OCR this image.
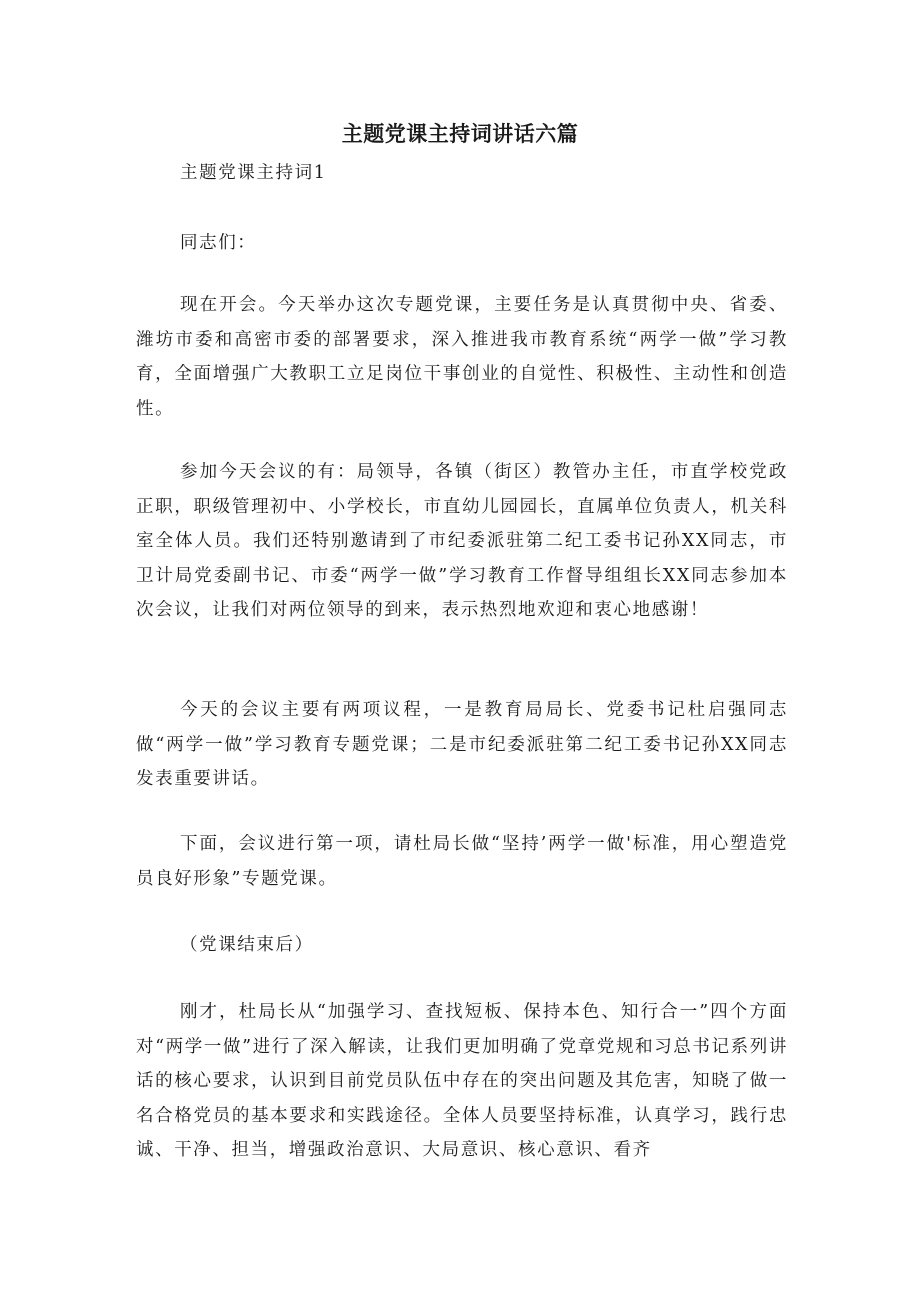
主题党课主持词讲话六篇

主题党课主持词1

同志们：

现在开会。今天举办这次专题党课，主要任务是认真贯彻中央、省委、潍坊市委和高密市委的部署要求，深入推进我市教育系统“两学一做”学习教育，全面增强广大教职工立足岗位干事创业的自觉性、积极性、主动性和创造性。

参加今天会议的有：局领导，各镇（街区）教管办主任，市直学校党政正职，职级管理初中、小学校长，市直幼儿园园长，直属单位负责人，机关科室全体人员。我们还特别邀请到了市纪委派驻第二纪工委书记孙XX同志，市卫计局党委副书记、市委“两学一做”学习教育工作督导组组长XX同志参加本次会议，让我们对两位领导的到来，表示热烈地欢迎和衷心地感谢！

今天的会议主要有两项议程，一是教育局局长、党委书记杜启强同志做“两学一做”学习教育专题党课；二是市纪委派驻第二纪工委书记孙XX同志发表重要讲话。

下面，会议进行第一项，请杜局长做“坚持’两学一做'标准，用心塑造党员良好形象”专题党课。

（党课结束后）

刚才，杜局长从“加强学习、查找短板、保持本色、知行合一”四个方面对“两学一做”进行了深入解读，让我们更加明确了党章党规和习总书记系列讲话的核心要求，认识到目前党员队伍中存在的突出问题及其危害，知晓了做一名合格党员的基本要求和实践途径。全体人员要坚持标准，认真学习，践行忠诚、干净、担当，增强政治意识、大局意识、核心意识、看齐
